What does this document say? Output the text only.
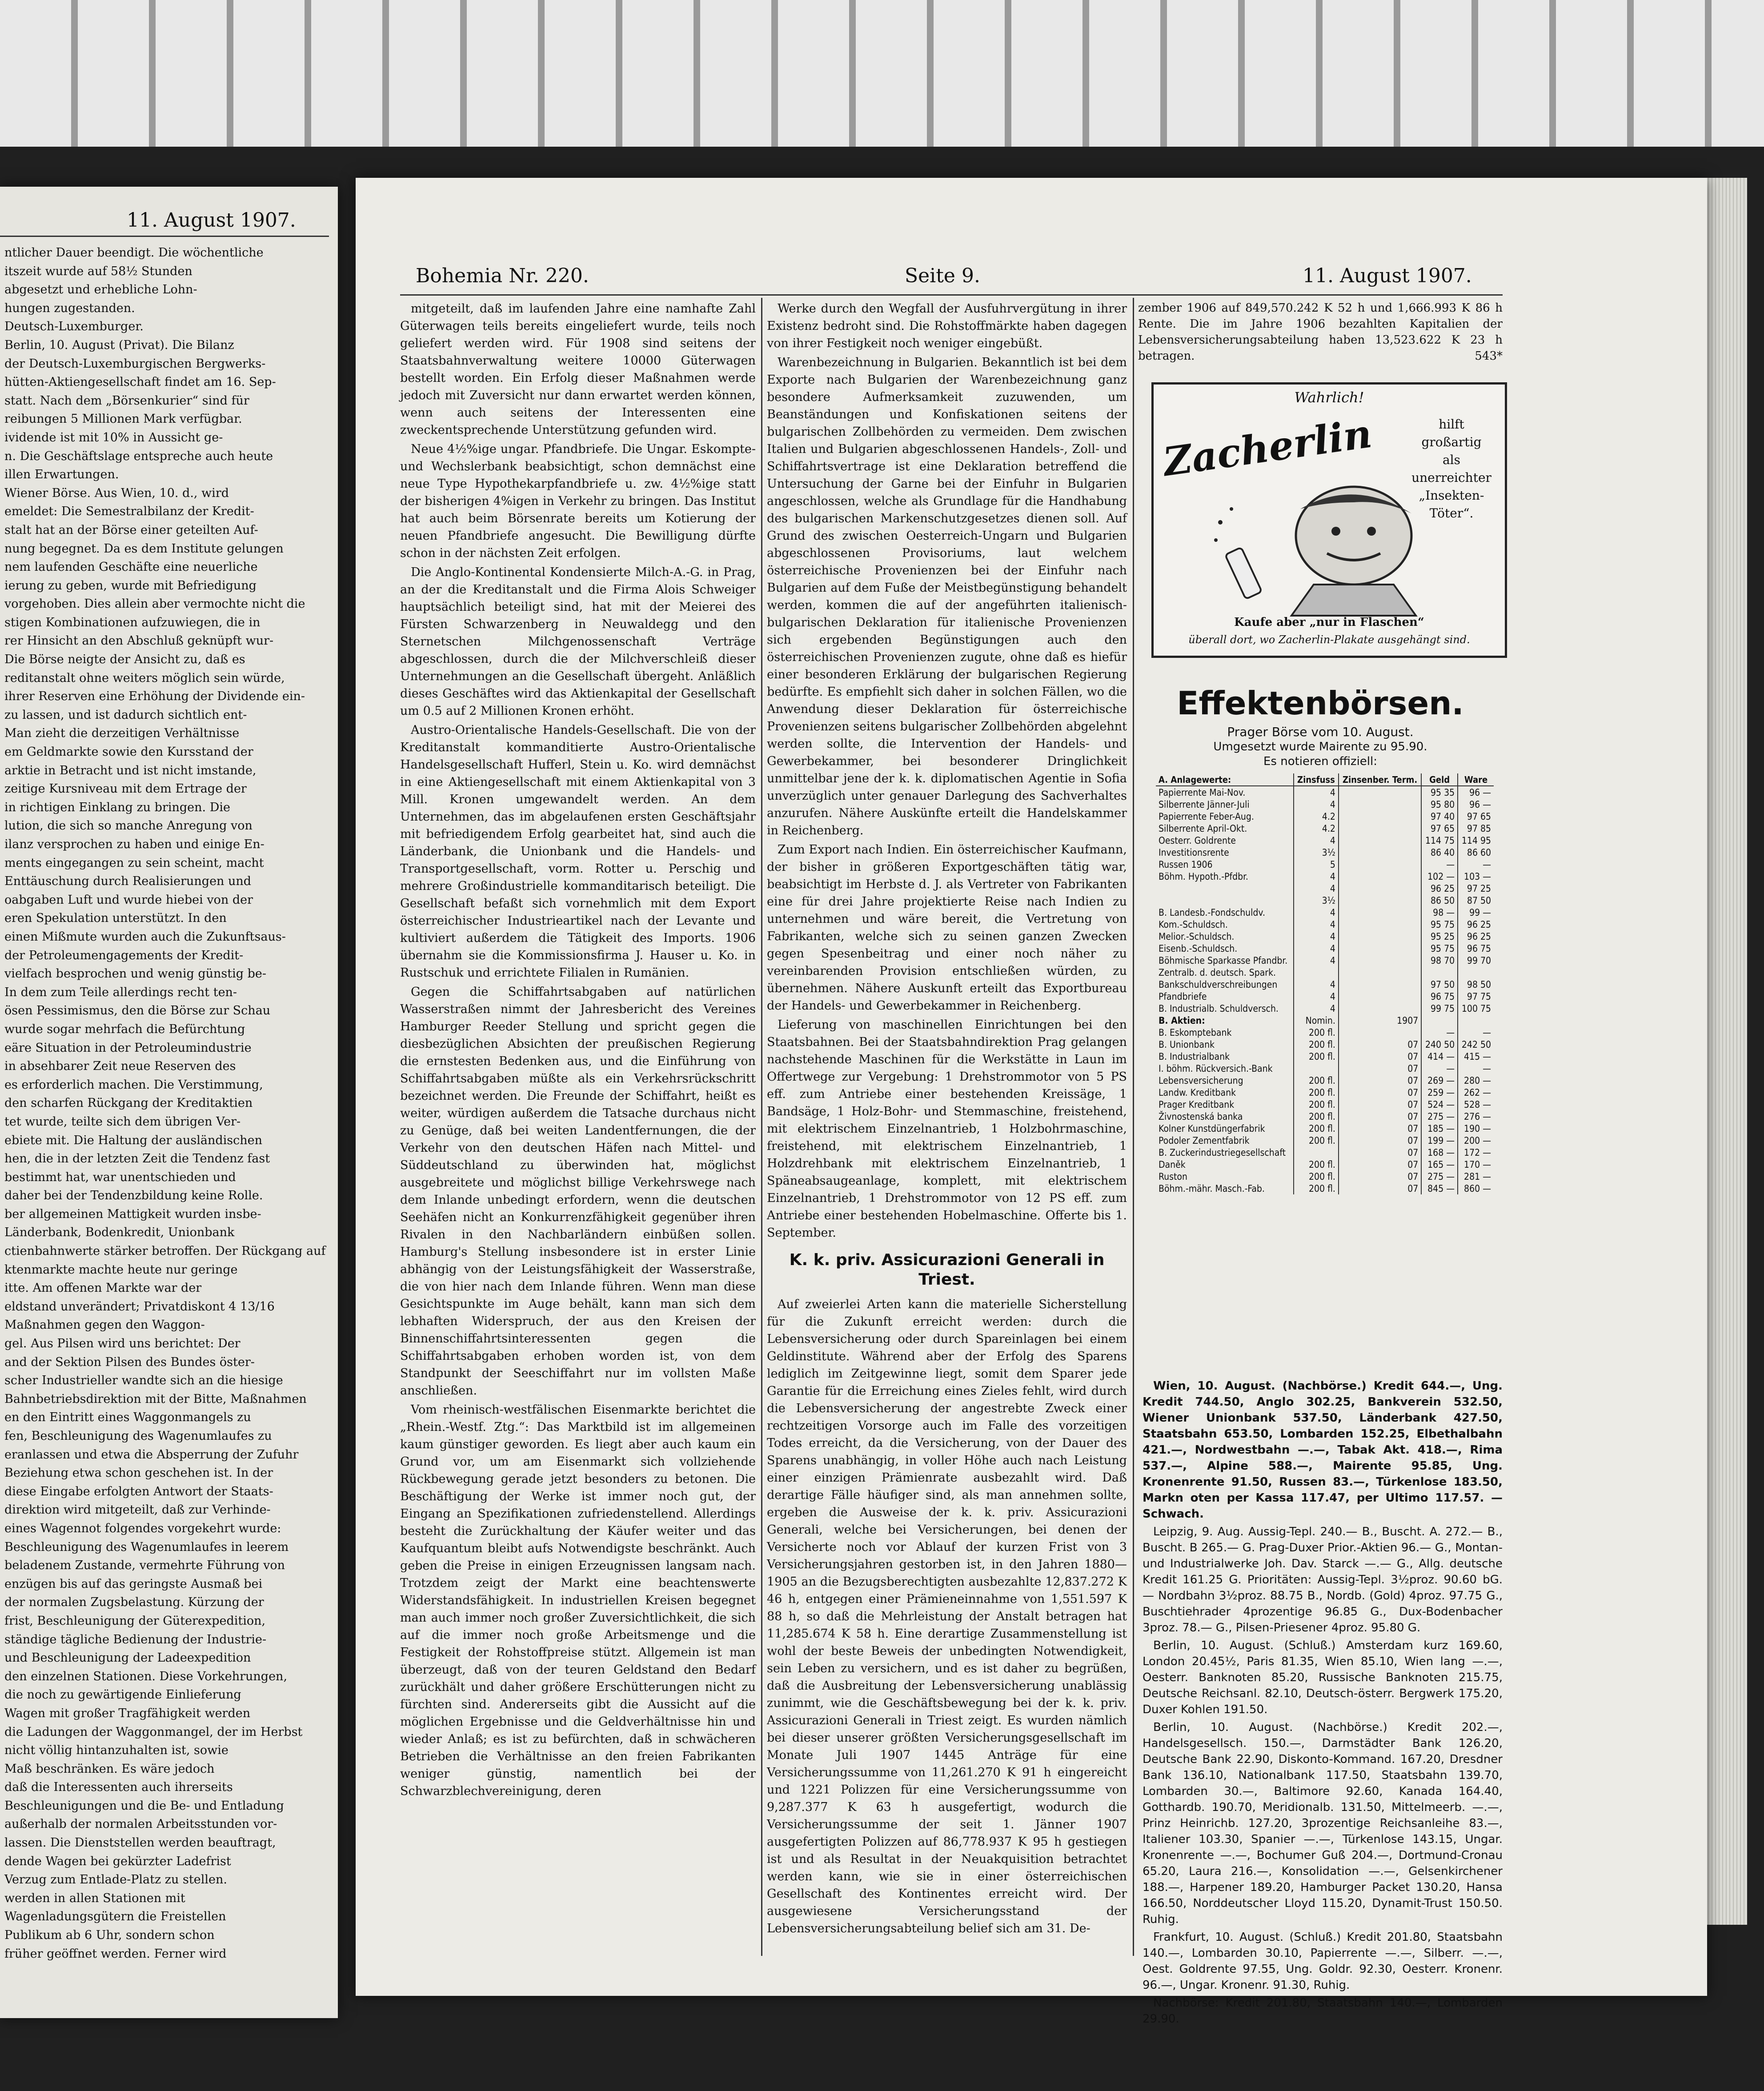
11. August 1907.
ntlicher Dauer beendigt. Die wöchentliche
itszeit wurde auf 58½ Stunden
abgesetzt und erhebliche Lohn-
hungen zugestanden.
Deutsch-Luxemburger.
Berlin, 10. August (Privat). Die Bilanz
der Deutsch-Luxemburgischen Bergwerks-
hütten-Aktiengesellschaft findet am 16. Sep-
statt. Nach dem „Börsenkurier“ sind für
reibungen 5 Millionen Mark verfügbar.
ividende ist mit 10% in Aussicht ge-
n. Die Geschäftslage entspreche auch heute
illen Erwartungen.
Wiener Börse. Aus Wien, 10. d., wird
emeldet: Die Semestralbilanz der Kredit-
stalt hat an der Börse einer geteilten Auf-
nung begegnet. Da es dem Institute gelungen
nem laufenden Geschäfte eine neuerliche
ierung zu geben, wurde mit Befriedigung
vorgehoben. Dies allein aber vermochte nicht die
stigen Kombinationen aufzuwiegen, die in
rer Hinsicht an den Abschluß geknüpft wur-
Die Börse neigte der Ansicht zu, daß es
reditanstalt ohne weiters möglich sein würde,
ihrer Reserven eine Erhöhung der Dividende ein-
zu lassen, und ist dadurch sichtlich ent-
Man zieht die derzeitigen Verhältnisse
em Geldmarkte sowie den Kursstand der
arktie in Betracht und ist nicht imstande,
zeitige Kursniveau mit dem Ertrage der
in richtigen Einklang zu bringen. Die
lution, die sich so manche Anregung von
ilanz versprochen zu haben und einige En-
ments eingegangen zu sein scheint, macht
Enttäuschung durch Realisierungen und
oabgaben Luft und wurde hiebei von der
eren Spekulation unterstützt. In den
einen Mißmute wurden auch die Zukunftsaus-
der Petroleumengagements der Kredit-
vielfach besprochen und wenig günstig be-
In dem zum Teile allerdings recht ten-
ösen Pessimismus, den die Börse zur Schau
wurde sogar mehrfach die Befürchtung
eäre Situation in der Petroleumindustrie
in absehbarer Zeit neue Reserven des
es erforderlich machen. Die Verstimmung,
den scharfen Rückgang der Kreditaktien
tet wurde, teilte sich dem übrigen Ver-
ebiete mit. Die Haltung der ausländischen
hen, die in der letzten Zeit die Tendenz fast
bestimmt hat, war unentschieden und
daher bei der Tendenzbildung keine Rolle.
ber allgemeinen Mattigkeit wurden insbe-
Länderbank, Bodenkredit, Unionbank
ctienbahnwerte stärker betroffen. Der Rückgang auf
ktenmarkte machte heute nur geringe
itte. Am offenen Markte war der
eldstand unverändert; Privatdiskont 4 13/16
Maßnahmen gegen den Waggon-
gel. Aus Pilsen wird uns berichtet: Der
and der Sektion Pilsen des Bundes öster-
scher Industrieller wandte sich an die hiesige
Bahnbetriebsdirektion mit der Bitte, Maßnahmen
en den Eintritt eines Waggonmangels zu
fen, Beschleunigung des Wagenumlaufes zu
eranlassen und etwa die Absperrung der Zufuhr
Beziehung etwa schon geschehen ist. In der
diese Eingabe erfolgten Antwort der Staats-
direktion wird mitgeteilt, daß zur Verhinde-
eines Wagennot folgendes vorgekehrt wurde:
Beschleunigung des Wagenumlaufes in leerem
beladenem Zustande, vermehrte Führung von
enzügen bis auf das geringste Ausmaß bei
der normalen Zugsbelastung. Kürzung der
frist, Beschleunigung der Güterexpedition,
ständige tägliche Bedienung der Industrie-
und Beschleunigung der Ladeexpedition
den einzelnen Stationen. Diese Vorkehrungen,
die noch zu gewärtigende Einlieferung
Wagen mit großer Tragfähigkeit werden
die Ladungen der Waggonmangel, der im Herbst
nicht völlig hintanzuhalten ist, sowie
Maß beschränken. Es wäre jedoch
daß die Interessenten auch ihrerseits
Beschleunigungen und die Be- und Entladung
außerhalb der normalen Arbeitsstunden vor-
lassen. Die Dienststellen werden beauftragt,
dende Wagen bei gekürzter Ladefrist
Verzug zum Entlade-Platz zu stellen.
werden in allen Stationen mit
Wagenladungsgütern die Freistellen
Publikum ab 6 Uhr, sondern schon
früher geöffnet werden. Ferner wird
Bohemia Nr. 220.	Seite 9.	11. August 1907.

mitgeteilt, daß im laufenden Jahre eine namhafte Zahl Güterwagen teils bereits eingeliefert wurde, teils noch geliefert werden wird. Für 1908 sind seitens der Staatsbahnverwaltung weitere 10000 Güterwagen bestellt worden. Ein Erfolg dieser Maßnahmen werde jedoch mit Zuversicht nur dann erwartet werden können, wenn auch seitens der Interessenten eine zweckentsprechende Unterstützung gefunden wird.

Neue 4½%ige ungar. Pfandbriefe. Die Ungar. Eskompte- und Wechslerbank beabsichtigt, schon demnächst eine neue Type Hypothekarpfandbriefe u. zw. 4½%ige statt der bisherigen 4%igen in Verkehr zu bringen. Das Institut hat auch beim Börsenrate bereits um Kotierung der neuen Pfandbriefe angesucht. Die Bewilligung dürfte schon in der nächsten Zeit erfolgen.

Die Anglo-Kontinental Kondensierte Milch-A.-G. in Prag, an der die Kreditanstalt und die Firma Alois Schweiger hauptsächlich beteiligt sind, hat mit der Meierei des Fürsten Schwarzenberg in Neuwaldegg und den Sternetschen Milchgenossenschaft Verträge abgeschlossen, durch die der Milchverschleiß dieser Unternehmungen an die Gesellschaft übergeht. Anläßlich dieses Geschäftes wird das Aktienkapital der Gesellschaft um 0.5 auf 2 Millionen Kronen erhöht.

Austro-Orientalische Handels-Gesellschaft. Die von der Kreditanstalt kommanditierte Austro-Orientalische Handelsgesellschaft Hufferl, Stein u. Ko. wird demnächst in eine Aktiengesellschaft mit einem Aktienkapital von 3 Mill. Kronen umgewandelt werden. An dem Unternehmen, das im abgelaufenen ersten Geschäftsjahr mit befriedigendem Erfolg gearbeitet hat, sind auch die Länderbank, die Unionbank und die Handels- und Transportgesellschaft, vorm. Rotter u. Perschig und mehrere Großindustrielle kommanditarisch beteiligt. Die Gesellschaft befaßt sich vornehmlich mit dem Export österreichischer Industrieartikel nach der Levante und kultiviert außerdem die Tätigkeit des Imports. 1906 übernahm sie die Kommissionsfirma J. Hauser u. Ko. in Rustschuk und errichtete Filialen in Rumänien.

Gegen die Schiffahrtsabgaben auf natürlichen Wasserstraßen nimmt der Jahresbericht des Vereines Hamburger Reeder Stellung und spricht gegen die diesbezüglichen Absichten der preußischen Regierung die ernstesten Bedenken aus, und die Einführung von Schiffahrtsabgaben müßte als ein Verkehrsrückschritt bezeichnet werden. Die Freunde der Schiffahrt, heißt es weiter, würdigen außerdem die Tatsache durchaus nicht zu Genüge, daß bei weiten Landentfernungen, die der Verkehr von den deutschen Häfen nach Mittel- und Süddeutschland zu überwinden hat, möglichst ausgebreitete und möglichst billige Verkehrswege nach dem Inlande unbedingt erfordern, wenn die deutschen Seehäfen nicht an Konkurrenzfähigkeit gegenüber ihren Rivalen in den Nachbarländern einbüßen sollen. Hamburg's Stellung insbesondere ist in erster Linie abhängig von der Leistungsfähigkeit der Wasserstraße, die von hier nach dem Inlande führen. Wenn man diese Gesichtspunkte im Auge behält, kann man sich dem lebhaften Widerspruch, der aus den Kreisen der Binnenschiffahrtsinteressenten gegen die Schiffahrtsabgaben erhoben worden ist, von dem Standpunkt der Seeschiffahrt nur im vollsten Maße anschließen.

Vom rheinisch-westfälischen Eisenmarkte berichtet die „Rhein.-Westf. Ztg.“: Das Marktbild ist im allgemeinen kaum günstiger geworden. Es liegt aber auch kaum ein Grund vor, um am Eisenmarkt sich vollziehende Rückbewegung gerade jetzt besonders zu betonen. Die Beschäftigung der Werke ist immer noch gut, der Eingang an Spezifikationen zufriedenstellend. Allerdings besteht die Zurückhaltung der Käufer weiter und das Kaufquantum bleibt aufs Notwendigste beschränkt. Auch geben die Preise in einigen Erzeugnissen langsam nach. Trotzdem zeigt der Markt eine beachtenswerte Widerstandsfähigkeit. In industriellen Kreisen begegnet man auch immer noch großer Zuversichtlichkeit, die sich auf die immer noch große Arbeitsmenge und die Festigkeit der Rohstoffpreise stützt. Allgemein ist man überzeugt, daß von der teuren Geldstand den Bedarf zurückhält und daher größere Erschütterungen nicht zu fürchten sind. Andererseits gibt die Aussicht auf die möglichen Ergebnisse und die Geldverhältnisse hin und wieder Anlaß; es ist zu befürchten, daß in schwächeren Betrieben die Verhältnisse an den freien Fabrikanten weniger günstig, namentlich bei der Schwarzblechvereinigung, deren

Werke durch den Wegfall der Ausfuhrvergütung in ihrer Existenz bedroht sind. Die Rohstoffmärkte haben dagegen von ihrer Festigkeit noch weniger eingebüßt.

Warenbezeichnung in Bulgarien. Bekanntlich ist bei dem Exporte nach Bulgarien der Warenbezeichnung ganz besondere Aufmerksamkeit zuzuwenden, um Beanständungen und Konfiskationen seitens der bulgarischen Zollbehörden zu vermeiden. Dem zwischen Italien und Bulgarien abgeschlossenen Handels-, Zoll- und Schiffahrtsvertrage ist eine Deklaration betreffend die Untersuchung der Garne bei der Einfuhr in Bulgarien angeschlossen, welche als Grundlage für die Handhabung des bulgarischen Markenschutzgesetzes dienen soll. Auf Grund des zwischen Oesterreich-Ungarn und Bulgarien abgeschlossenen Provisoriums, laut welchem österreichische Provenienzen bei der Einfuhr nach Bulgarien auf dem Fuße der Meistbegünstigung behandelt werden, kommen die auf der angeführten italienisch-bulgarischen Deklaration für italienische Provenienzen sich ergebenden Begünstigungen auch den österreichischen Provenienzen zugute, ohne daß es hiefür einer besonderen Erklärung der bulgarischen Regierung bedürfte. Es empfiehlt sich daher in solchen Fällen, wo die Anwendung dieser Deklaration für österreichische Provenienzen seitens bulgarischer Zollbehörden abgelehnt werden sollte, die Intervention der Handels- und Gewerbekammer, bei besonderer Dringlichkeit unmittelbar jene der k. k. diplomatischen Agentie in Sofia unverzüglich unter genauer Darlegung des Sachverhaltes anzurufen. Nähere Auskünfte erteilt die Handelskammer in Reichenberg.

Zum Export nach Indien. Ein österreichischer Kaufmann, der bisher in größeren Exportgeschäften tätig war, beabsichtigt im Herbste d. J. als Vertreter von Fabrikanten eine für drei Jahre projektierte Reise nach Indien zu unternehmen und wäre bereit, die Vertretung von Fabrikanten, welche sich zu seinen ganzen Zwecken gegen Spesenbeitrag und einer noch näher zu vereinbarenden Provision entschließen würden, zu übernehmen. Nähere Auskunft erteilt das Exportbureau der Handels- und Gewerbekammer in Reichenberg.

Lieferung von maschinellen Einrichtungen bei den Staatsbahnen. Bei der Staatsbahndirektion Prag gelangen nachstehende Maschinen für die Werkstätte in Laun im Offertwege zur Vergebung: 1 Drehstrommotor von 5 PS eff. zum Antriebe einer bestehenden Kreissäge, 1 Bandsäge, 1 Holz-Bohr- und Stemmaschine, freistehend, mit elektrischem Einzelnantrieb, 1 Holzbohrmaschine, freistehend, mit elektrischem Einzelnantrieb, 1 Holzdrehbank mit elektrischem Einzelnantrieb, 1 Späneabsaugeanlage, komplett, mit elektrischem Einzelnantrieb, 1 Drehstrommotor von 12 PS eff. zum Antriebe einer bestehenden Hobelmaschine. Offerte bis 1. September.

K. k. priv. Assicurazioni Generali in Triest.

Auf zweierlei Arten kann die materielle Sicherstellung für die Zukunft erreicht werden: durch die Lebensversicherung oder durch Spareinlagen bei einem Geldinstitute. Während aber der Erfolg des Sparens lediglich im Zeitgewinne liegt, somit dem Sparer jede Garantie für die Erreichung eines Zieles fehlt, wird durch die Lebensversicherung der angestrebte Zweck einer rechtzeitigen Vorsorge auch im Falle des vorzeitigen Todes erreicht, da die Versicherung, von der Dauer des Sparens unabhängig, in voller Höhe auch nach Leistung einer einzigen Prämienrate ausbezahlt wird. Daß derartige Fälle häufiger sind, als man annehmen sollte, ergeben die Ausweise der k. k. priv. Assicurazioni Generali, welche bei Versicherungen, bei denen der Versicherte noch vor Ablauf der kurzen Frist von 3 Versicherungsjahren gestorben ist, in den Jahren 1880—1905 an die Bezugsberechtigten ausbezahlte 12,837.272 K 46 h, entgegen einer Prämieneinnahme von 1,551.597 K 88 h, so daß die Mehrleistung der Anstalt betragen hat 11,285.674 K 58 h. Eine derartige Zusammenstellung ist wohl der beste Beweis der unbedingten Notwendigkeit, sein Leben zu versichern, und es ist daher zu begrüßen, daß die Ausbreitung der Lebensversicherung unablässig zunimmt, wie die Geschäftsbewegung bei der k. k. priv. Assicurazioni Generali in Triest zeigt. Es wurden nämlich bei dieser unserer größten Versicherungsgesellschaft im Monate Juli 1907 1445 Anträge für eine Versicherungssumme von 11,261.270 K 91 h eingereicht und 1221 Polizzen für eine Versicherungssumme von 9,287.377 K 63 h ausgefertigt, wodurch die Versicherungssumme der seit 1. Jänner 1907 ausgefertigten Polizzen auf 86,778.937 K 95 h gestiegen ist und als Resultat in der Neuakquisition betrachtet werden kann, wie sie in einer österreichischen Gesellschaft des Kontinentes erreicht wird. Der ausgewiesene Versicherungsstand der Lebensversicherungsabteilung belief sich am 31. De-

zember 1906 auf 849,570.242 K 52 h und 1,666.993 K 86 h Rente. Die im Jahre 1906 bezahlten Kapitalien der Lebensversicherungsabteilung haben 13,523.622 K 23 h betragen.	543*
Wahrlich!
Zacherlin	hilft
großartig
als unerreichter
„Insekten-
Töter“.
Kaufe aber „nur in Flaschen“
überall dort, wo Zacherlin-Plakate ausgehängt sind.
Effektenbörsen.
Prager Börse vom 10. August.
Umgesetzt wurde Mairente zu 95.90.
Es notieren offiziell:
A. Anlagewerte:	Zinsfuss	Zinsenber. Term.	Geld	Ware
Papierrente Mai-Nov.	4		95 35	96 —
Silberrente Jänner-Juli	4		95 80	96 —
Papierrente Feber-Aug.	4.2		97 40	97 65
Silberrente April-Okt.	4.2		97 65	97 85
Oesterr. Goldrente	4		114 75	114 95
Investitionsrente	3½		86 40	86 60
Russen 1906	5		—	—
Böhm. Hypoth.-Pfdbr.	4		102 —	103 —
	4		96 25	97 25
	3½		86 50	87 50
B. Landesb.-Fondschuldv.	4		98 —	99 —
Kom.-Schuldsch.	4		95 75	96 25
Melior.-Schuldsch.	4		95 25	96 25
Eisenb.-Schuldsch.	4		95 75	96 75
Böhmische Sparkasse Pfandbr.	4		98 70	99 70
Zentralb. d. deutsch. Spark.				
Bankschuldverschreibungen	4		97 50	98 50
Pfandbriefe	4		96 75	97 75
B. Industrialb. Schuldversch.	4		99 75	100 75
B. Aktien:	Nomin.	1907		
B. Eskomptebank	200 fl.		—	—
B. Unionbank	200 fl.	07	240 50	242 50
B. Industrialbank	200 fl.	07	414 —	415 —
I. böhm. Rückversich.-Bank		07	—	—
Lebensversicherung	200 fl.	07	269 —	280 —
Landw. Kreditbank	200 fl.	07	259 —	262 —
Prager Kreditbank	200 fl.	07	524 —	528 —
Živnostenská banka	200 fl.	07	275 —	276 —
Kolner Kunstdüngerfabrik	200 fl.	07	185 —	190 —
Podoler Zementfabrik	200 fl.	07	199 —	200 —
B. Zuckerindustriegesellschaft		07	168 —	172 —
Daněk	200 fl.	07	165 —	170 —
Ruston	200 fl.	07	275 —	281 —
Böhm.-mähr. Masch.-Fab.	200 fl.	07	845 —	860 —

Wien, 10. August. (Nachbörse.) Kredit 644.—, Ung. Kredit 744.50, Anglo 302.25, Bankverein 532.50, Wiener Unionbank 537.50, Länderbank 427.50, Staatsbahn 653.50, Lombarden 152.25, Elbethalbahn 421.—, Nordwestbahn —.—, Tabak Akt. 418.—, Rima 537.—, Alpine 588.—, Mairente 95.85, Ung. Kronenrente 91.50, Russen 83.—, Türkenlose 183.50, Markn oten per Kassa 117.47, per Ultimo 117.57. — Schwach.

Leipzig, 9. Aug. Aussig-Tepl. 240.— B., Buscht. A. 272.— B., Buscht. B 265.— G. Prag-Duxer Prior.-Aktien 96.— G., Montan- und Industrialwerke Joh. Dav. Starck —.— G., Allg. deutsche Kredit 161.25 G. Prioritäten: Aussig-Tepl. 3½proz. 90.60 bG. — Nordbahn 3½proz. 88.75 B., Nordb. (Gold) 4proz. 97.75 G., Buschtiehrader 4prozentige 96.85 G., Dux-Bodenbacher 3proz. 78.— G., Pilsen-Priesener 4proz. 95.80 G.

Berlin, 10. August. (Schluß.) Amsterdam kurz 169.60, London 20.45½, Paris 81.35, Wien 85.10, Wien lang —.—, Oesterr. Banknoten 85.20, Russische Banknoten 215.75, Deutsche Reichsanl. 82.10, Deutsch-österr. Bergwerk 175.20, Duxer Kohlen 191.50.

Berlin, 10. August. (Nachbörse.) Kredit 202.—, Handelsgesellsch. 150.—, Darmstädter Bank 126.20, Deutsche Bank 22.90, Diskonto-Kommand. 167.20, Dresdner Bank 136.10, Nationalbank 117.50, Staatsbahn 139.70, Lombarden 30.—, Baltimore 92.60, Kanada 164.40, Gotthardb. 190.70, Meridionalb. 131.50, Mittelmeerb. —.—, Prinz Heinrichb. 127.20, 3prozentige Reichsanleihe 83.—, Italiener 103.30, Spanier —.—, Türkenlose 143.15, Ungar. Kronenrente —.—, Bochumer Guß 204.—, Dortmund-Cronau 65.20, Laura 216.—, Konsolidation —.—, Gelsenkirchener 188.—, Harpener 189.20, Hamburger Packet 130.20, Hansa 166.50, Norddeutscher Lloyd 115.20, Dynamit-Trust 150.50. Ruhig.

Frankfurt, 10. August. (Schluß.) Kredit 201.80, Staatsbahn 140.—, Lombarden 30.10, Papierrente —.—, Silberr. —.—, Oest. Goldrente 97.55, Ung. Goldr. 92.30, Oesterr. Kronenr. 96.—, Ungar. Kronenr. 91.30, Ruhig.

Nachbörse: Kredit 201.80, Staatsbahn 140.—, Lombarden 29.90.
